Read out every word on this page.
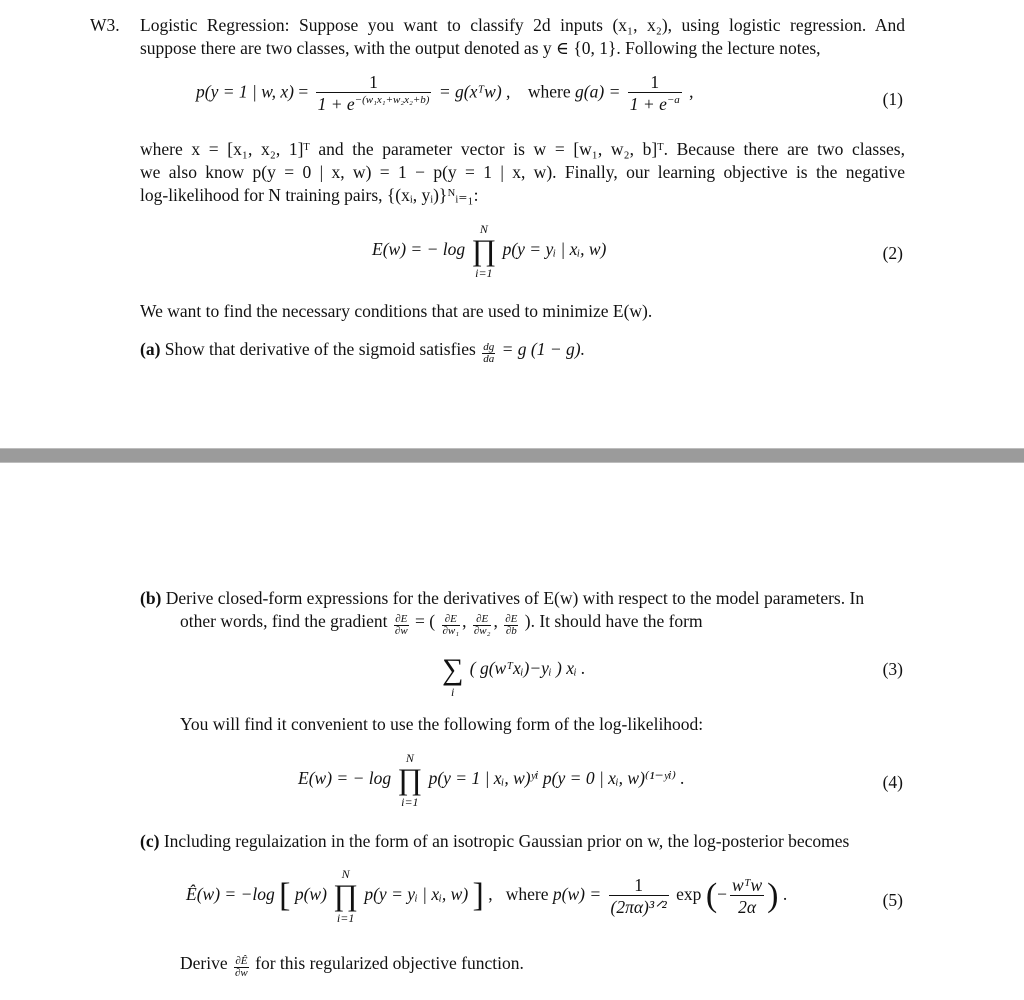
W3. Logistic Regression: Suppose you want to classify 2d inputs (x₁, x₂), using logistic regression. And
suppose there are two classes, with the output denoted as y ∈ {0, 1}. Following the lecture notes,
p(y = 1 | w, $x) = \frac{1}{1 + e^{-(w_1x_1+w_2x_2+b)}}$ = g(xᵀw) , where $g(a) = \frac{1}{1 + e^{-a}}$ ,	(1)
where x = [x₁, x₂, 1]ᵀ and the parameter vector is w = [w₁, w₂, b]ᵀ. Because there are two classes,
we also know p(y = 0 | x, w) = 1 − p(y = 1 | x, w). Finally, our learning objective is the negative
log-likelihood for N training pairs, {(xᵢ, yᵢ)}ᴺᵢ₌₁:
E(w) = − log
N
∏
i=1
p(y = yᵢ | xᵢ, w)	(2)
We want to find the necessary conditions that are used to minimize E(w).
(a) Show that derivative of the sigmoid satisfies $\frac{dg}{da} = g$ (1 − g).
(b) Derive closed-form expressions for the derivatives of E(w) with respect to the model parameters. In
other words, find the gradient $\frac{\partial E}{\partial w}$ = ( $\frac{\partial E}{\text{∂w₁}}$ , $\frac{\partial E}{\text{∂w₂}}$ , $\frac{\partial E}{\partial b}$ ). It should have the form

∑
i
( g(wᵀxᵢ)−yᵢ ) xᵢ .	(3)
You will find it convenient to use the following form of the log-likelihood:
E(w) = − log
N
∏
i=1
p(y = 1 | xᵢ, w)ʸⁱ p(y = 0 | xᵢ, w)⁽¹⁻ʸⁱ⁾ .	(4)
(c) Including regulaization in the form of an isotropic Gaussian prior on w, the log-posterior becomes
Ê(w) = −log [ p(w)
N
∏
i=1
p(y = yᵢ | xᵢ, w) ] , where $p(w) = \frac{1}{\text{(2πα)³ᐟ²}}$ exp (− $\frac{\text{wᵀw}}{2\alpha}$ ) .	(5)
Derive $\frac{\partial Ê}{\partial w}$ for this regularized objective function.
